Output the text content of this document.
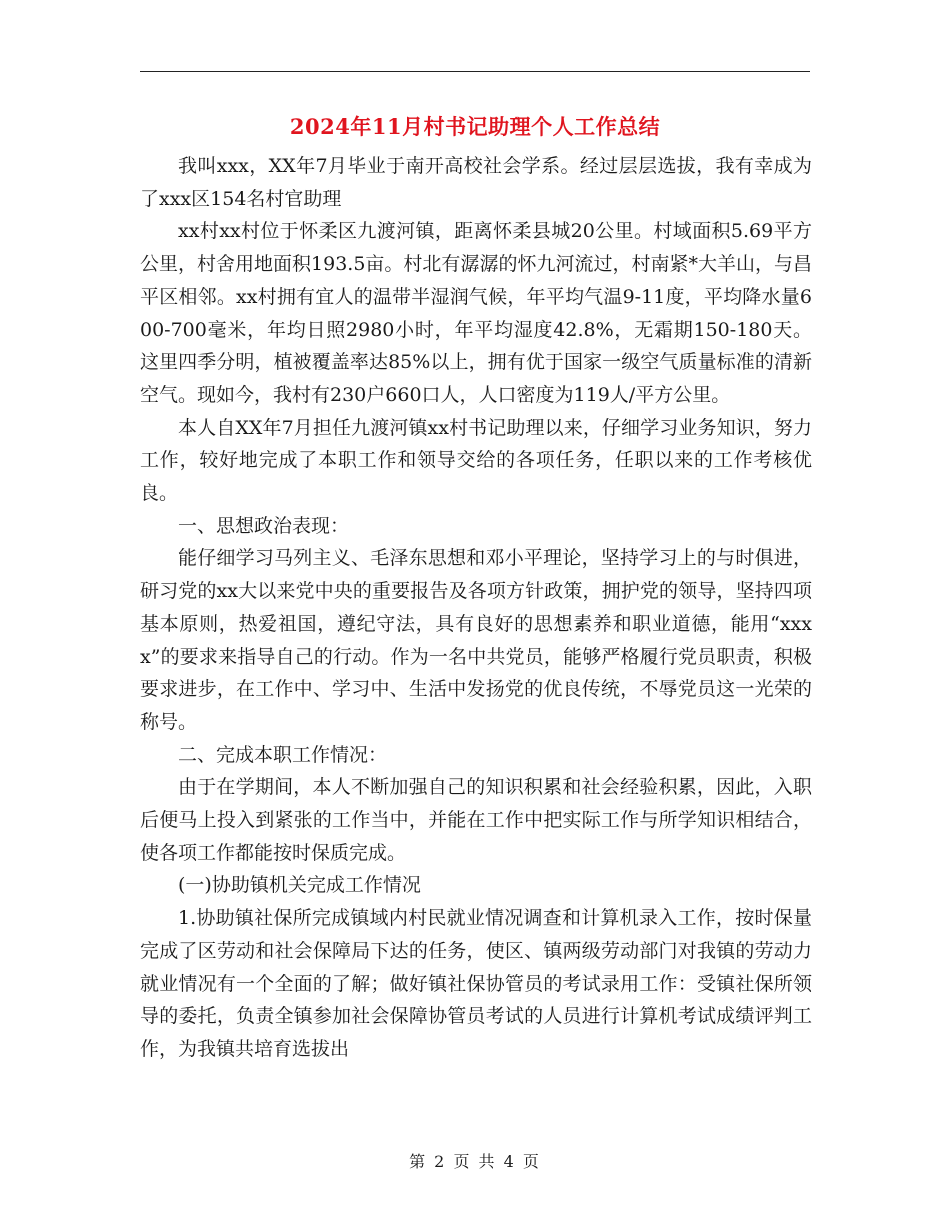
2024年11月村书记助理个人工作总结

我叫xxx，XX年7月毕业于南开高校社会学系。经过层层选拔，我有幸成为了xxx区154名村官助理

xx村xx村位于怀柔区九渡河镇，距离怀柔县城20公里。村域面积5.69平方公里，村舍用地面积193.5亩。村北有潺潺的怀九河流过，村南紧*大羊山，与昌平区相邻。xx村拥有宜人的温带半湿润气候，年平均气温9-11度，平均降水量600-700毫米，年均日照2980小时，年平均湿度42.8%，无霜期150-180天。这里四季分明，植被覆盖率达85%以上，拥有优于国家一级空气质量标准的清新空气。现如今，我村有230户660口人，人口密度为119人/平方公里。

本人自XX年7月担任九渡河镇xx村书记助理以来，仔细学习业务知识，努力工作，较好地完成了本职工作和领导交给的各项任务，任职以来的工作考核优良。

一、思想政治表现：

能仔细学习马列主义、毛泽东思想和邓小平理论，坚持学习上的与时俱进，研习党的xx大以来党中央的重要报告及各项方针政策，拥护党的领导，坚持四项基本原则，热爱祖国，遵纪守法，具有良好的思想素养和职业道德，能用“xxxx”的要求来指导自己的行动。作为一名中共党员，能够严格履行党员职责，积极要求进步，在工作中、学习中、生活中发扬党的优良传统，不辱党员这一光荣的称号。

二、完成本职工作情况：

由于在学期间，本人不断加强自己的知识积累和社会经验积累，因此，入职后便马上投入到紧张的工作当中，并能在工作中把实际工作与所学知识相结合，使各项工作都能按时保质完成。

(一)协助镇机关完成工作情况

1.协助镇社保所完成镇域内村民就业情况调查和计算机录入工作，按时保量完成了区劳动和社会保障局下达的任务，使区、镇两级劳动部门对我镇的劳动力就业情况有一个全面的了解；做好镇社保协管员的考试录用工作：受镇社保所领导的委托，负责全镇参加社会保障协管员考试的人员进行计算机考试成绩评判工作，为我镇共培育选拔出

第 2 页 共 4 页
